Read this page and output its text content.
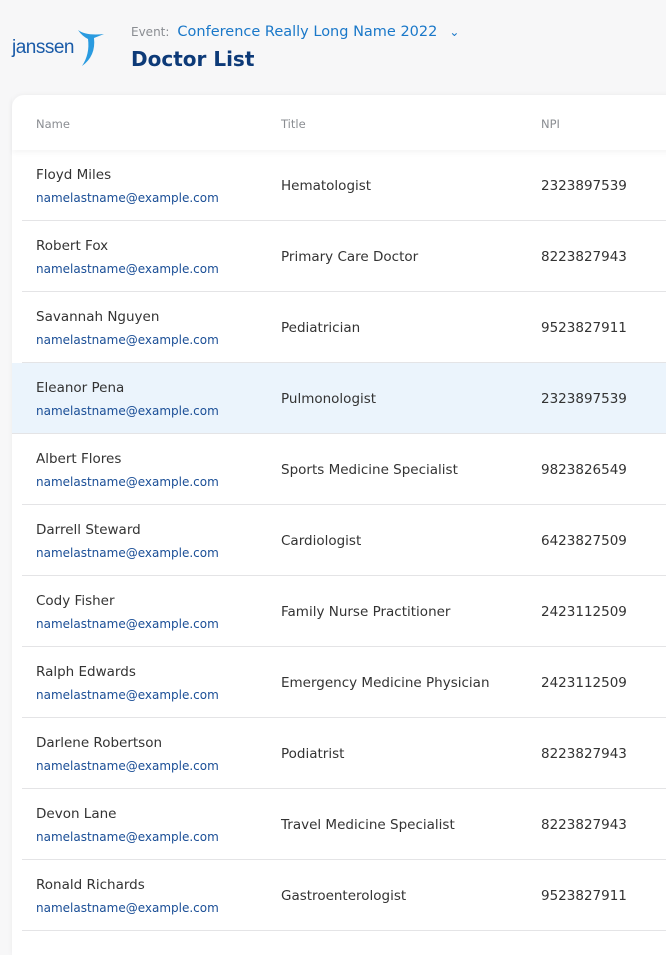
janssen
Event: Conference Really Long Name 2022 ⌄
Doctor List
Name	Title	NPI
Floyd Miles
namelastname@example.com
Hematologist	2323897539
Robert Fox
namelastname@example.com
Primary Care Doctor	8223827943
Savannah Nguyen
namelastname@example.com
Pediatrician	9523827911
Eleanor Pena
namelastname@example.com
Pulmonologist	2323897539
Albert Flores
namelastname@example.com
Sports Medicine Specialist	9823826549
Darrell Steward
namelastname@example.com
Cardiologist	6423827509
Cody Fisher
namelastname@example.com
Family Nurse Practitioner	2423112509
Ralph Edwards
namelastname@example.com
Emergency Medicine Physician	2423112509
Darlene Robertson
namelastname@example.com
Podiatrist	8223827943
Devon Lane
namelastname@example.com
Travel Medicine Specialist	8223827943
Ronald Richards
namelastname@example.com
Gastroenterologist	9523827911
